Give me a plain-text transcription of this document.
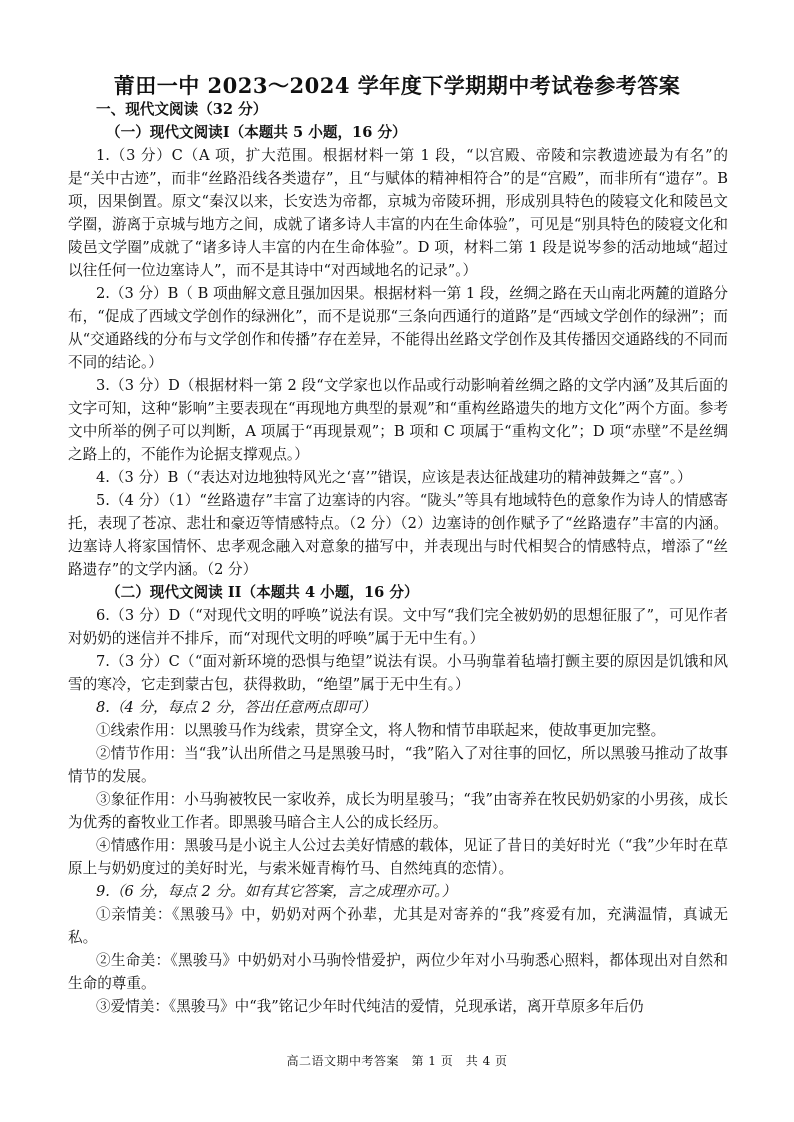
莆田一中 2023～2024 学年度下学期期中考试卷参考答案

一、现代文阅读（32 分）

（一）现代文阅读Ⅰ（本题共 5 小题，16 分）

1.（3 分）C（A 项，扩大范围。根据材料一第 1 段，“以宫殿、帝陵和宗教遗迹最为有名”的是“关中古迹”，而非“丝路沿线各类遗存”，且“与赋体的精神相符合”的是“宫殿”，而非所有“遗存”。B 项，因果倒置。原文“秦汉以来，长安迭为帝都，京城为帝陵环拥，形成别具特色的陵寝文化和陵邑文学圈，游离于京城与地方之间，成就了诸多诗人丰富的内在生命体验”，可见是“别具特色的陵寝文化和陵邑文学圈”成就了“诸多诗人丰富的内在生命体验”。D 项，材料二第 1 段是说岑参的活动地域“超过以往任何一位边塞诗人”，而不是其诗中“对西域地名的记录”。）

2.（3 分）B（ B 项曲解文意且强加因果。根据材料一第 1 段，丝绸之路在天山南北两麓的道路分布，“促成了西域文学创作的绿洲化”，而不是说那“三条向西通行的道路”是“西域文学创作的绿洲”；而从“交通路线的分布与文学创作和传播”存在差异，不能得出丝路文学创作及其传播因交通路线的不同而不同的结论。）

3.（3 分）D（根据材料一第 2 段“文学家也以作品或行动影响着丝绸之路的文学内涵”及其后面的文字可知，这种“影响”主要表现在“再现地方典型的景观”和“重构丝路遗失的地方文化”两个方面。参考文中所举的例子可以判断，A 项属于“再现景观”；B 项和 C 项属于“重构文化”；D 项“赤壁”不是丝绸之路上的，不能作为论据支撑观点。）

4.（3 分）B（“表达对边地独特风光之‘喜’”错误，应该是表达征战建功的精神鼓舞之“喜”。）

5.（4 分）（1）“丝路遗存”丰富了边塞诗的内容。“陇头”等具有地域特色的意象作为诗人的情感寄托，表现了苍凉、悲壮和豪迈等情感特点。（2 分）（2）边塞诗的创作赋予了“丝路遗存”丰富的内涵。边塞诗人将家国情怀、忠孝观念融入对意象的描写中，并表现出与时代相契合的情感特点，增添了“丝路遗存”的文学内涵。（2 分）

（二）现代文阅读 II（本题共 4 小题，16 分）

6.（3 分）D（“对现代文明的呼唤”说法有误。文中写“我们完全被奶奶的思想征服了”，可见作者对奶奶的迷信并不排斥，而“对现代文明的呼唤”属于无中生有。）

7.（3 分）C（“面对新环境的恐惧与绝望”说法有误。小马驹靠着毡墙打颤主要的原因是饥饿和风雪的寒冷，它走到蒙古包，获得救助，“绝望”属于无中生有。）

8.（4 分，每点 2 分，答出任意两点即可）

①线索作用：以黑骏马作为线索，贯穿全文，将人物和情节串联起来，使故事更加完整。

②情节作用：当“我”认出所借之马是黑骏马时，“我”陷入了对往事的回忆，所以黑骏马推动了故事情节的发展。

③象征作用：小马驹被牧民一家收养，成长为明星骏马；“我”由寄养在牧民奶奶家的小男孩，成长为优秀的畜牧业工作者。即黑骏马暗合主人公的成长经历。

④情感作用：黑骏马是小说主人公过去美好情感的载体，见证了昔日的美好时光（“我”少年时在草原上与奶奶度过的美好时光，与索米娅青梅竹马、自然纯真的恋情）。

9.（6 分，每点 2 分。如有其它答案，言之成理亦可。）

①亲情美：《黑骏马》中，奶奶对两个孙辈，尤其是对寄养的“我”疼爱有加，充满温情，真诚无私。

②生命美：《黑骏马》中奶奶对小马驹怜惜爱护，两位少年对小马驹悉心照料，都体现出对自然和生命的尊重。

③爱情美：《黑骏马》中“我”铭记少年时代纯洁的爱情，兑现承诺，离开草原多年后仍

高二语文期中考答案　第 1 页　共 4 页
